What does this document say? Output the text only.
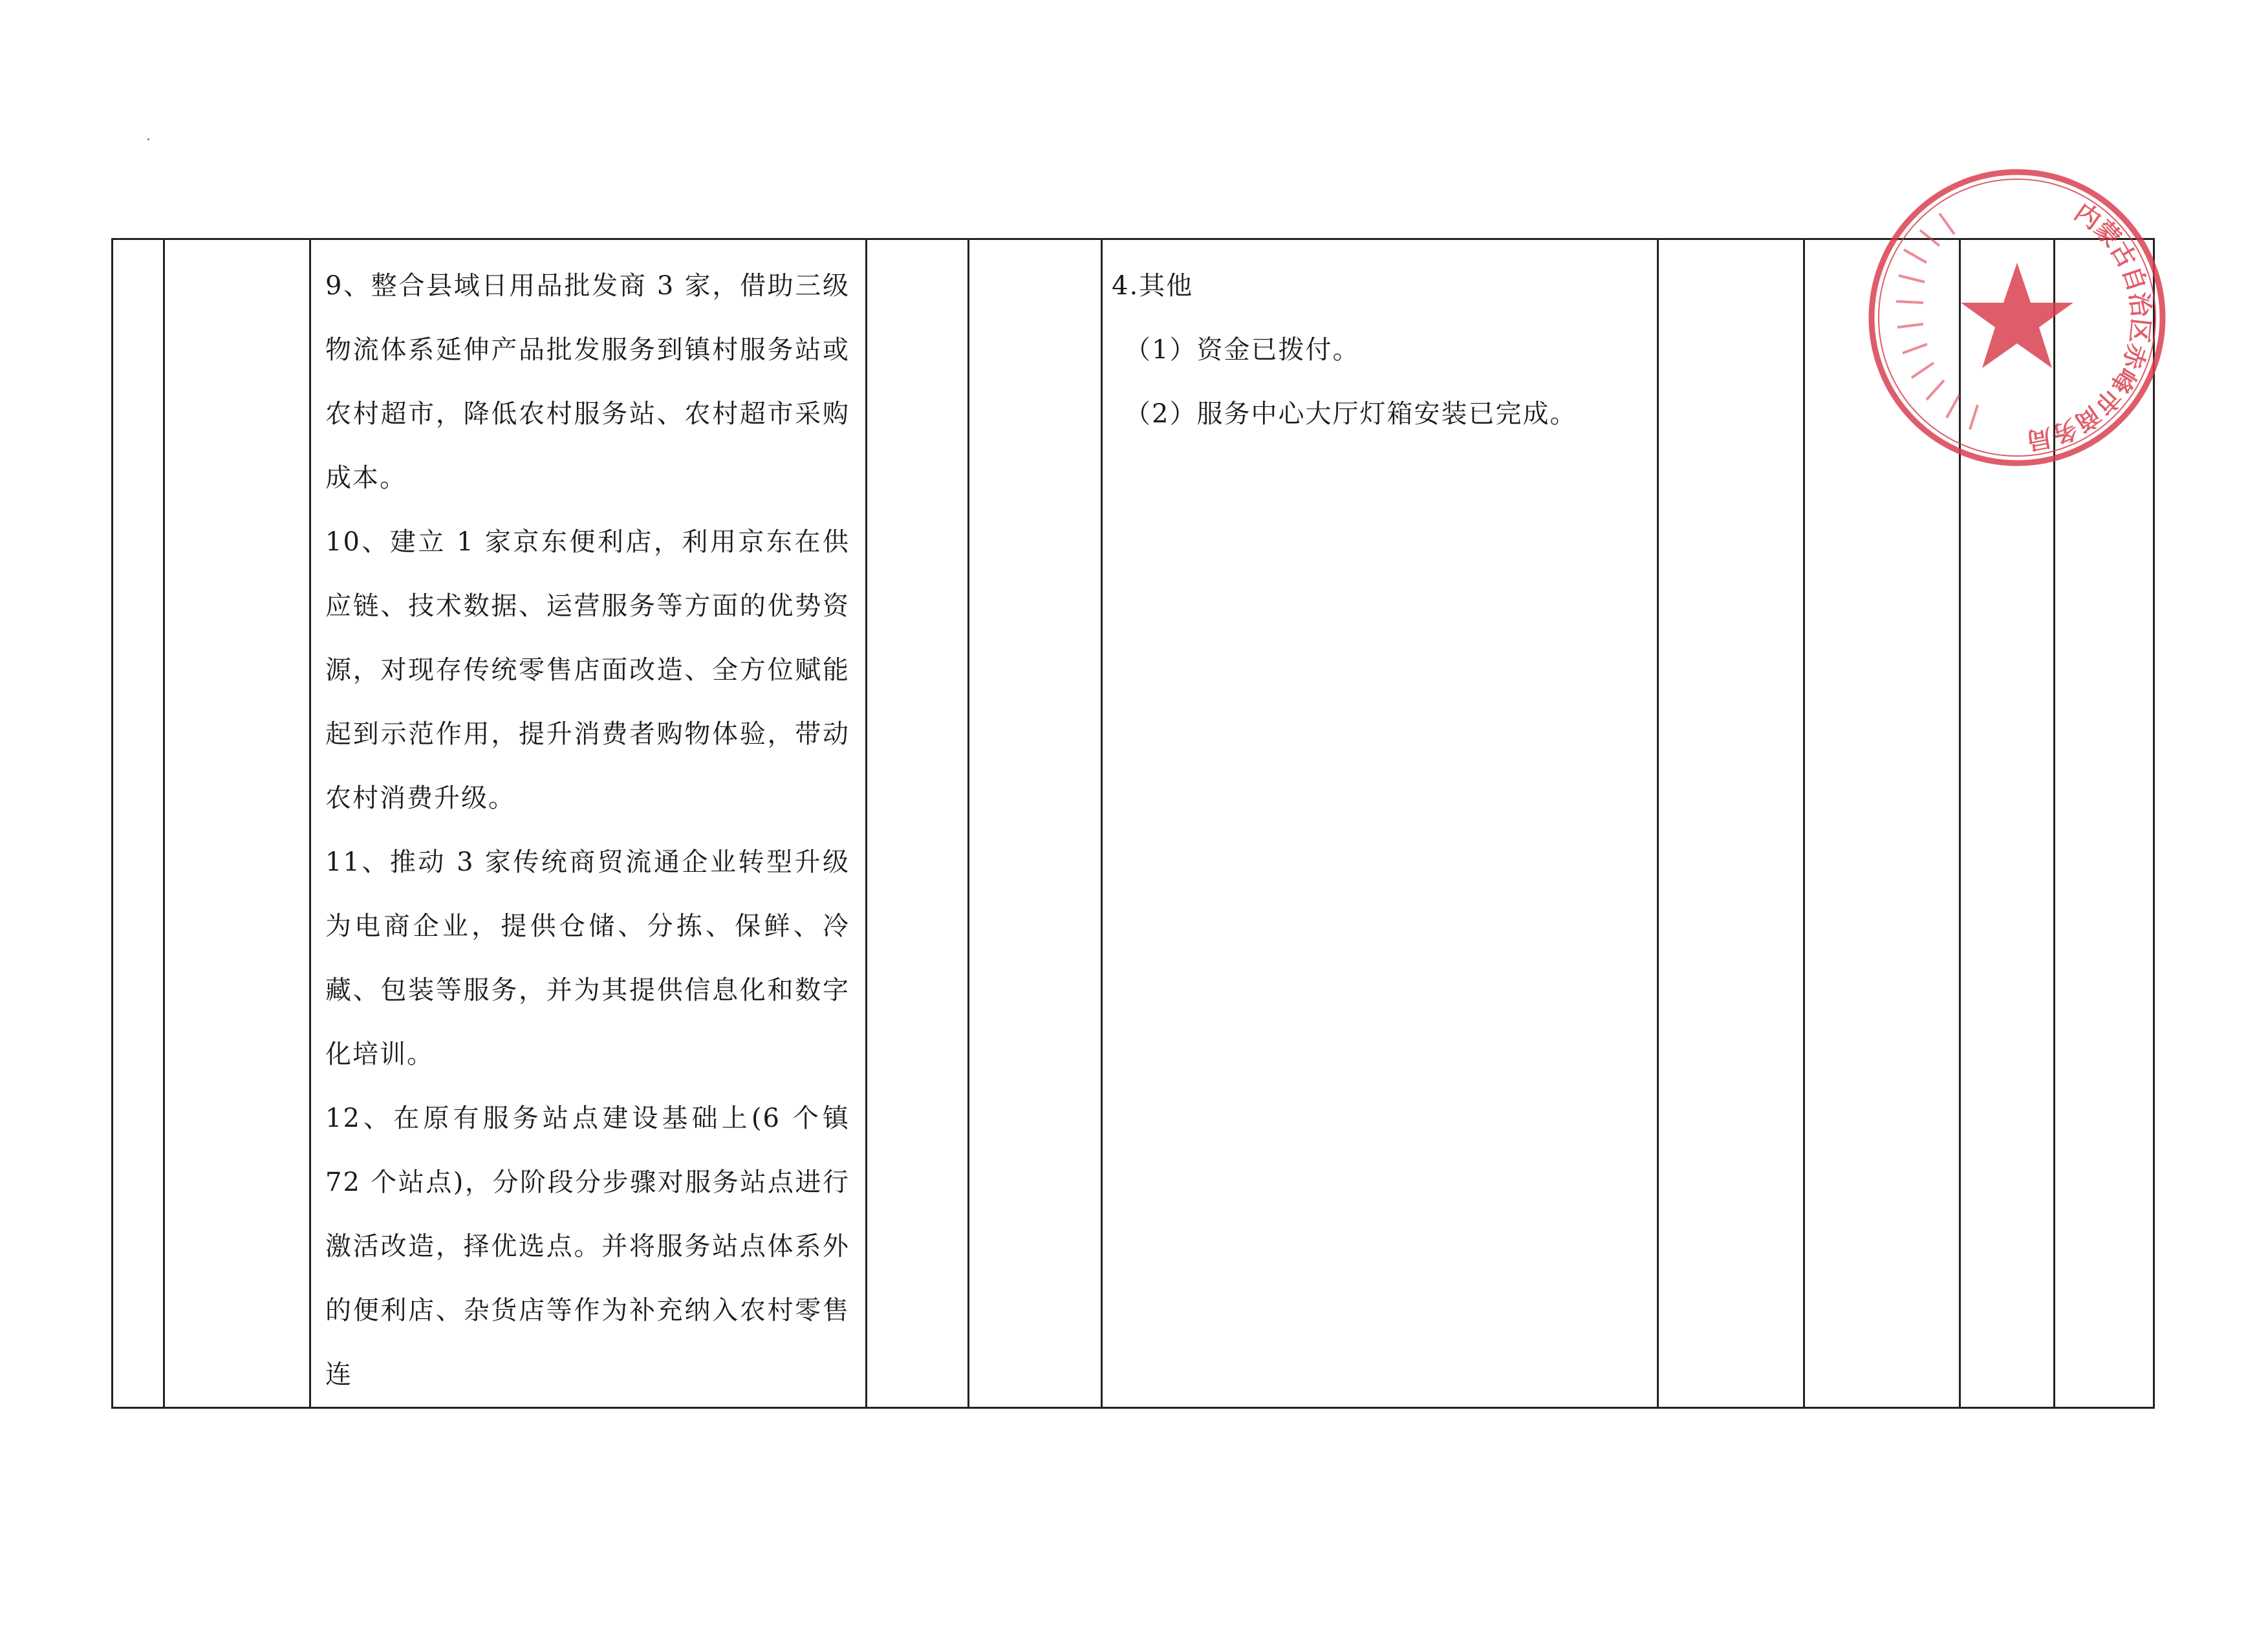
9、整合县域日用品批发商 3 家，借助三级物流体系延伸产品批发服务到镇村服务站或农村超市，降低农村服务站、农村超市采购成本。

10、建立 1 家京东便利店，利用京东在供应链、技术数据、运营服务等方面的优势资源，对现存传统零售店面改造、全方位赋能起到示范作用，提升消费者购物体验，带动农村消费升级。

11、推动 3 家传统商贸流通企业转型升级为电商企业，提供仓储、分拣、保鲜、冷藏、包装等服务，并为其提供信息化和数字化培训。

12、在原有服务站点建设基础上(6 个镇 72 个站点)，分阶段分步骤对服务站点进行激活改造，择优选点。并将服务站点体系外的便利店、杂货店等作为补充纳入农村零售连

4.其他

（1）资金已拨付。

（2）服务中心大厅灯箱安装已完成。

内蒙古自治区赤峰市商务局
